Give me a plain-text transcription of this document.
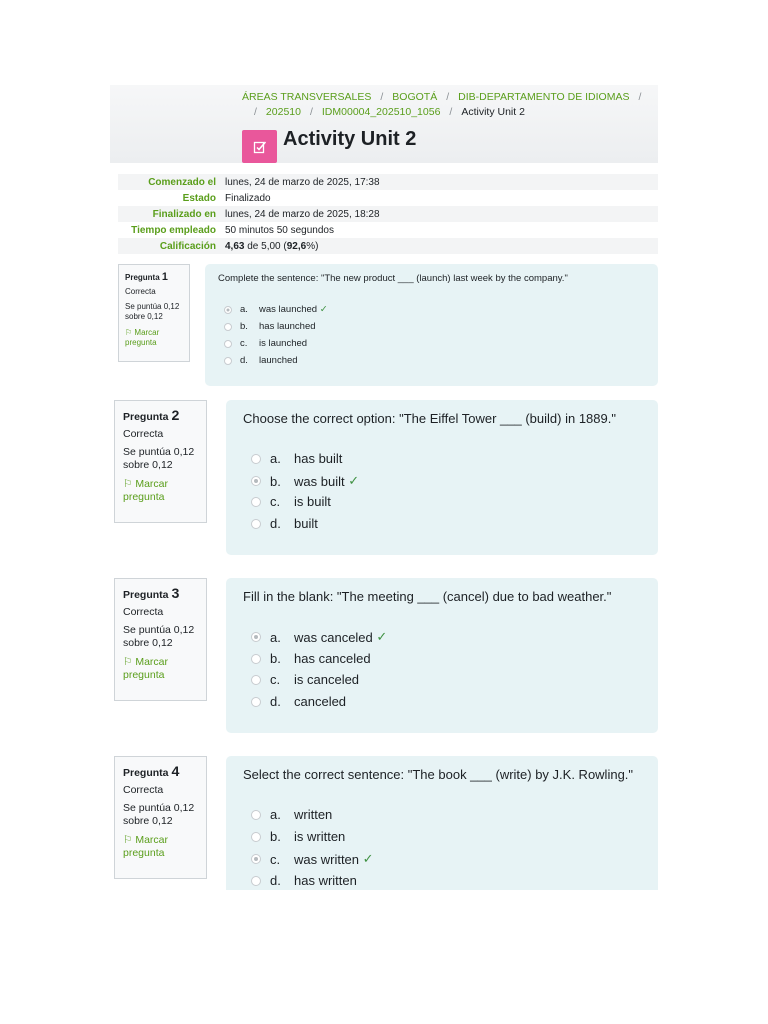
ÁREAS TRANSVERSALES / BOGOTÁ / DIB-DEPARTAMENTO DE IDIOMAS /
/ 202510 / IDM00004_202510_1056 / Activity Unit 2
Activity Unit 2
Comenzado el lunes, 24 de marzo de 2025, 17:38
Estado Finalizado
Finalizado en lunes, 24 de marzo de 2025, 18:28
Tiempo empleado 50 minutos 50 segundos
Calificación 4,63 de 5,00 (92,6%)
Pregunta 1
Correcta
Se puntúa 0,12 sobre 0,12
⚐ Marcar pregunta
Complete the sentence: "The new product ___ (launch) last week by the company."
a.	was launched ✓
b.	has launched
c.	is launched
d.	launched
Pregunta 2
Correcta
Se puntúa 0,12 sobre 0,12
⚐ Marcar pregunta
Choose the correct option: "The Eiffel Tower ___ (build) in 1889."
a.	has built
b.	was built ✓
c.	is built
d.	built
Pregunta 3
Correcta
Se puntúa 0,12 sobre 0,12
⚐ Marcar pregunta
Fill in the blank: "The meeting ___ (cancel) due to bad weather."
a.	was canceled ✓
b.	has canceled
c.	is canceled
d.	canceled
Pregunta 4
Correcta
Se puntúa 0,12 sobre 0,12
⚐ Marcar pregunta
Select the correct sentence: "The book ___ (write) by J.K. Rowling."
a.	written
b.	is written
c.	was written ✓
d.	has written
